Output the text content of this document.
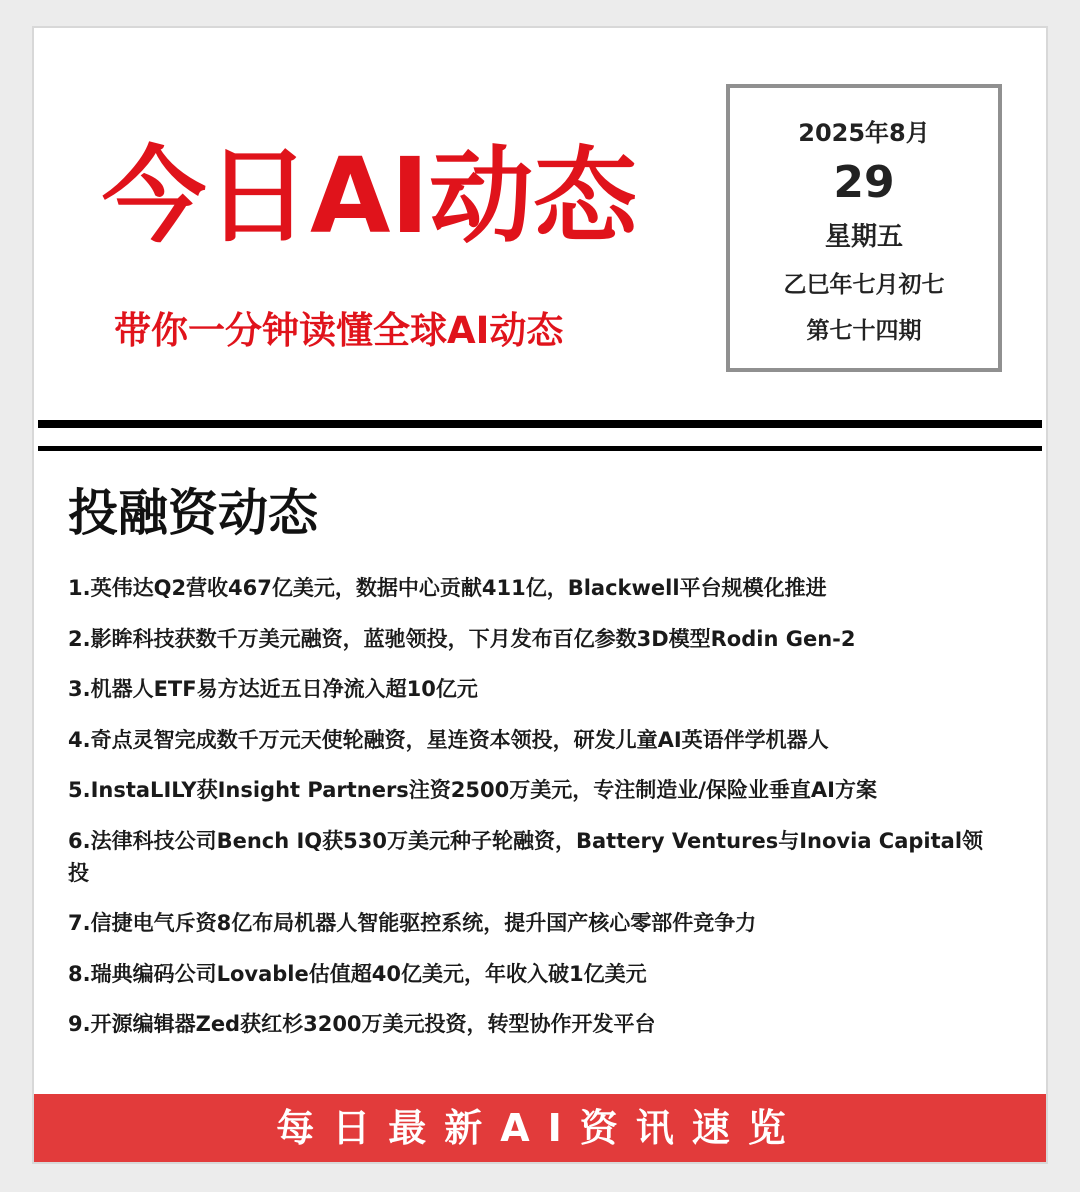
今日AI动态
带你一分钟读懂全球AI动态
2025年8月
29
星期五
乙巳年七月初七
第七十四期
投融资动态
1.英伟达Q2营收467亿美元，数据中心贡献411亿，Blackwell平台规模化推进
2.影眸科技获数千万美元融资，蓝驰领投，下月发布百亿参数3D模型Rodin Gen-2
3.机器人ETF易方达近五日净流入超10亿元
4.奇点灵智完成数千万元天使轮融资，星连资本领投，研发儿童AI英语伴学机器人
5.InstaLILY获Insight Partners注资2500万美元，专注制造业/保险业垂直AI方案
6.法律科技公司Bench IQ获530万美元种子轮融资，Battery Ventures与Inovia Capital领投
7.信捷电气斥资8亿布局机器人智能驱控系统，提升国产核心零部件竞争力
8.瑞典编码公司Lovable估值超40亿美元，年收入破1亿美元
9.开源编辑器Zed获红杉3200万美元投资，转型协作开发平台
每日最新AI资讯速览
